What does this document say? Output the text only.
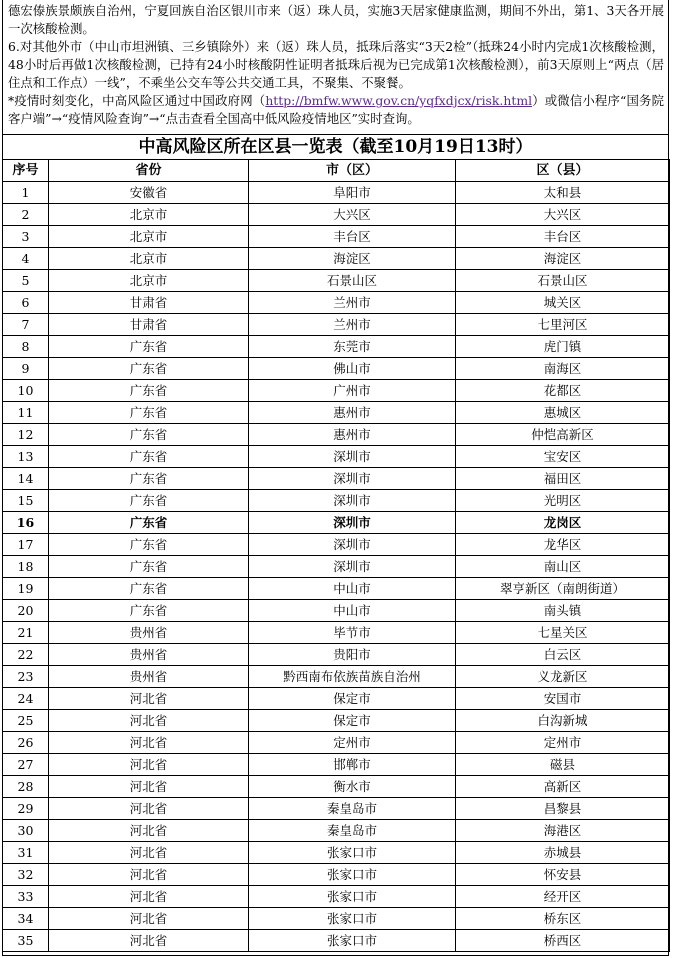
德宏傣族景颇族自治州，宁夏回族自治区银川市来（返）珠人员，实施3天居家健康监测，期间不外出，第1、3天各开展一次核酸检测。

6.对其他外市（中山市坦洲镇、三乡镇除外）来（返）珠人员，抵珠后落实“3天2检”（抵珠24小时内完成1次核酸检测，48小时后再做1次核酸检测，已持有24小时核酸阴性证明者抵珠后视为已完成第1次核酸检测），前3天原则上“两点（居住点和工作点）一线”，不乘坐公交车等公共交通工具，不聚集、不聚餐。

*疫情时刻变化，中高风险区通过中国政府网（http://bmfw.www.gov.cn/yqfxdjcx/risk.html）或微信小程序“国务院客户端”→“疫情风险查询”→“点击查看全国高中低风险疫情地区”实时查询。

中高风险区所在区县一览表（截至10月19日13时）
序号	省份	市（区）	区（县）
1	安徽省	阜阳市	太和县
2	北京市	大兴区	大兴区
3	北京市	丰台区	丰台区
4	北京市	海淀区	海淀区
5	北京市	石景山区	石景山区
6	甘肃省	兰州市	城关区
7	甘肃省	兰州市	七里河区
8	广东省	东莞市	虎门镇
9	广东省	佛山市	南海区
10	广东省	广州市	花都区
11	广东省	惠州市	惠城区
12	广东省	惠州市	仲恺高新区
13	广东省	深圳市	宝安区
14	广东省	深圳市	福田区
15	广东省	深圳市	光明区
16	广东省	深圳市	龙岗区
17	广东省	深圳市	龙华区
18	广东省	深圳市	南山区
19	广东省	中山市	翠亨新区（南朗街道）
20	广东省	中山市	南头镇
21	贵州省	毕节市	七星关区
22	贵州省	贵阳市	白云区
23	贵州省	黔西南布依族苗族自治州	义龙新区
24	河北省	保定市	安国市
25	河北省	保定市	白沟新城
26	河北省	定州市	定州市
27	河北省	邯郸市	磁县
28	河北省	衡水市	高新区
29	河北省	秦皇岛市	昌黎县
30	河北省	秦皇岛市	海港区
31	河北省	张家口市	赤城县
32	河北省	张家口市	怀安县
33	河北省	张家口市	经开区
34	河北省	张家口市	桥东区
35	河北省	张家口市	桥西区
